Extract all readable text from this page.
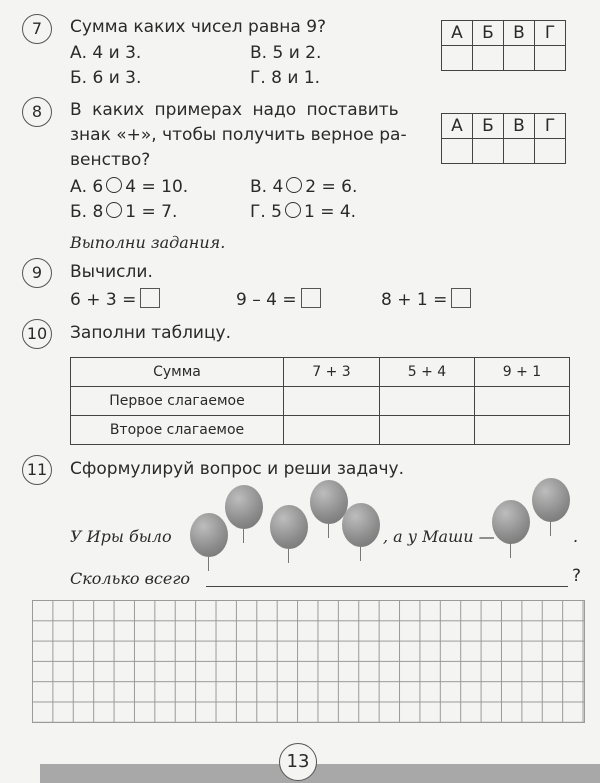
7	Сумма каких чисел равна 9?
А. 4 и 3.	В. 5 и 2.
Б. 6 и 3.	Г. 8 и 1.
А	Б	В	Г

8	В каких примерах надо поставить
знак «+», чтобы получить верное ра-
венство?
А. 6 4 = 10.	В. 4 2 = 6.
Б. 8 1 = 7.	Г. 5 1 = 4.
А	Б	В	Г

Выполни задания.
9	Вычисли.
6 + 3 =	9 – 4 =	8 + 1 =
10 Заполни таблицу.
Сумма	7 + 3	5 + 4	9 + 1
Первое слагаемое			
Второе слагаемое			
11 Сформулируй вопрос и реши задачу.
У Иры было	, а у Маши —	.
Сколько всего	?
13
